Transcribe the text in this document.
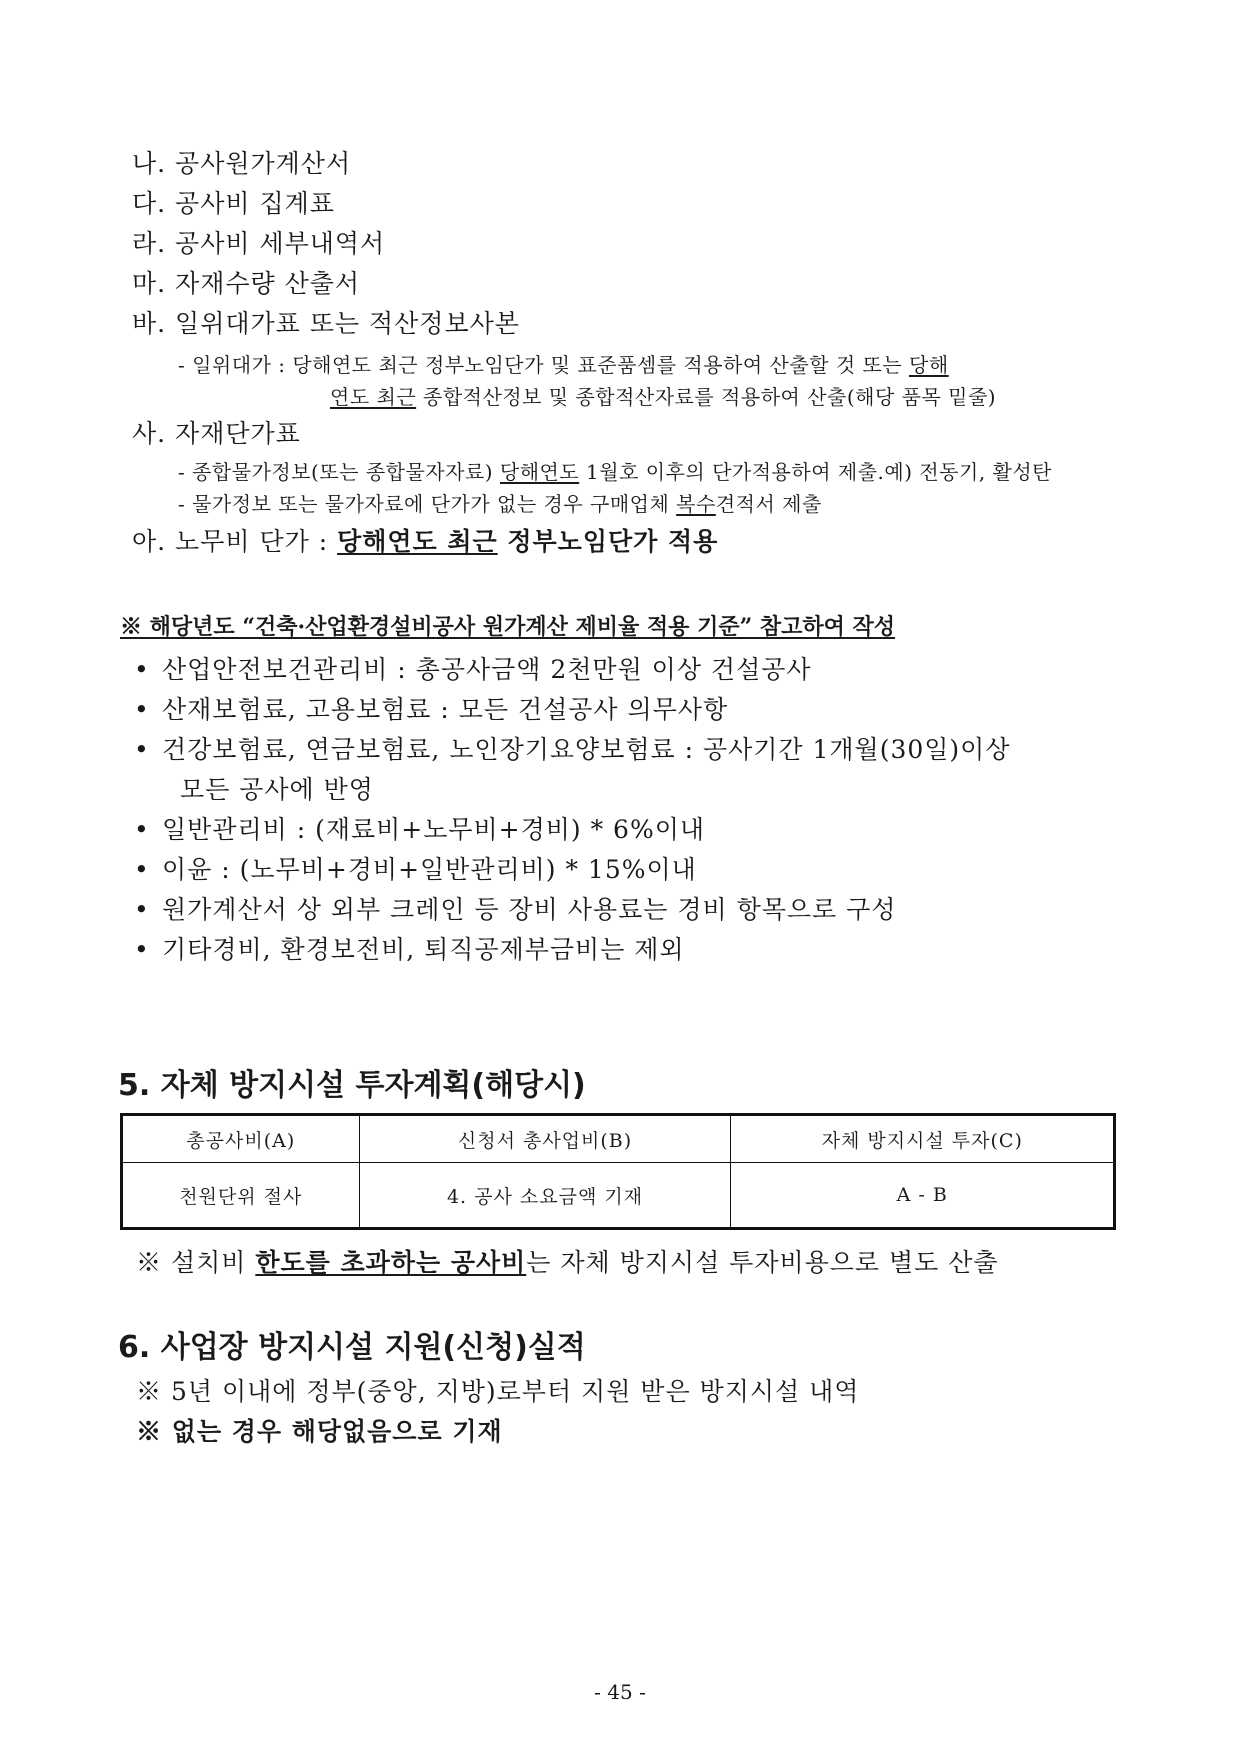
나. 공사원가계산서
다. 공사비 집계표
라. 공사비 세부내역서
마. 자재수량 산출서
바. 일위대가표 또는 적산정보사본
- 일위대가 : 당해연도 최근 정부노임단가 및 표준품셈를 적용하여 산출할 것 또는 당해
연도 최근 종합적산정보 및 종합적산자료를 적용하여 산출(해당 품목 밑줄)
사. 자재단가표
- 종합물가정보(또는 종합물자자료) 당해연도 1월호 이후의 단가적용하여 제출.예) 전동기, 활성탄
- 물가정보 또는 물가자료에 단가가 없는 경우 구매업체 복수견적서 제출
아. 노무비 단가 : 당해연도 최근 정부노임단가 적용
※ 해당년도 “건축·산업환경설비공사 원가계산 제비율 적용 기준” 참고하여 작성
• 산업안전보건관리비 : 총공사금액 2천만원 이상 건설공사
• 산재보험료, 고용보험료 : 모든 건설공사 의무사항
• 건강보험료, 연금보험료, 노인장기요양보험료 : 공사기간 1개월(30일)이상
모든 공사에 반영
• 일반관리비 : (재료비+노무비+경비) * 6%이내
• 이윤 : (노무비+경비+일반관리비) * 15%이내
• 원가계산서 상 외부 크레인 등 장비 사용료는 경비 항목으로 구성
• 기타경비, 환경보전비, 퇴직공제부금비는 제외
5. 자체 방지시설 투자계획(해당시)
총공사비(A)	신청서 총사업비(B)	자체 방지시설 투자(C)
천원단위 절사	4. 공사 소요금액 기재	A - B
※ 설치비 한도를 초과하는 공사비는 자체 방지시설 투자비용으로 별도 산출
6. 사업장 방지시설 지원(신청)실적
※ 5년 이내에 정부(중앙, 지방)로부터 지원 받은 방지시설 내역
※ 없는 경우 해당없음으로 기재
- 45 -
